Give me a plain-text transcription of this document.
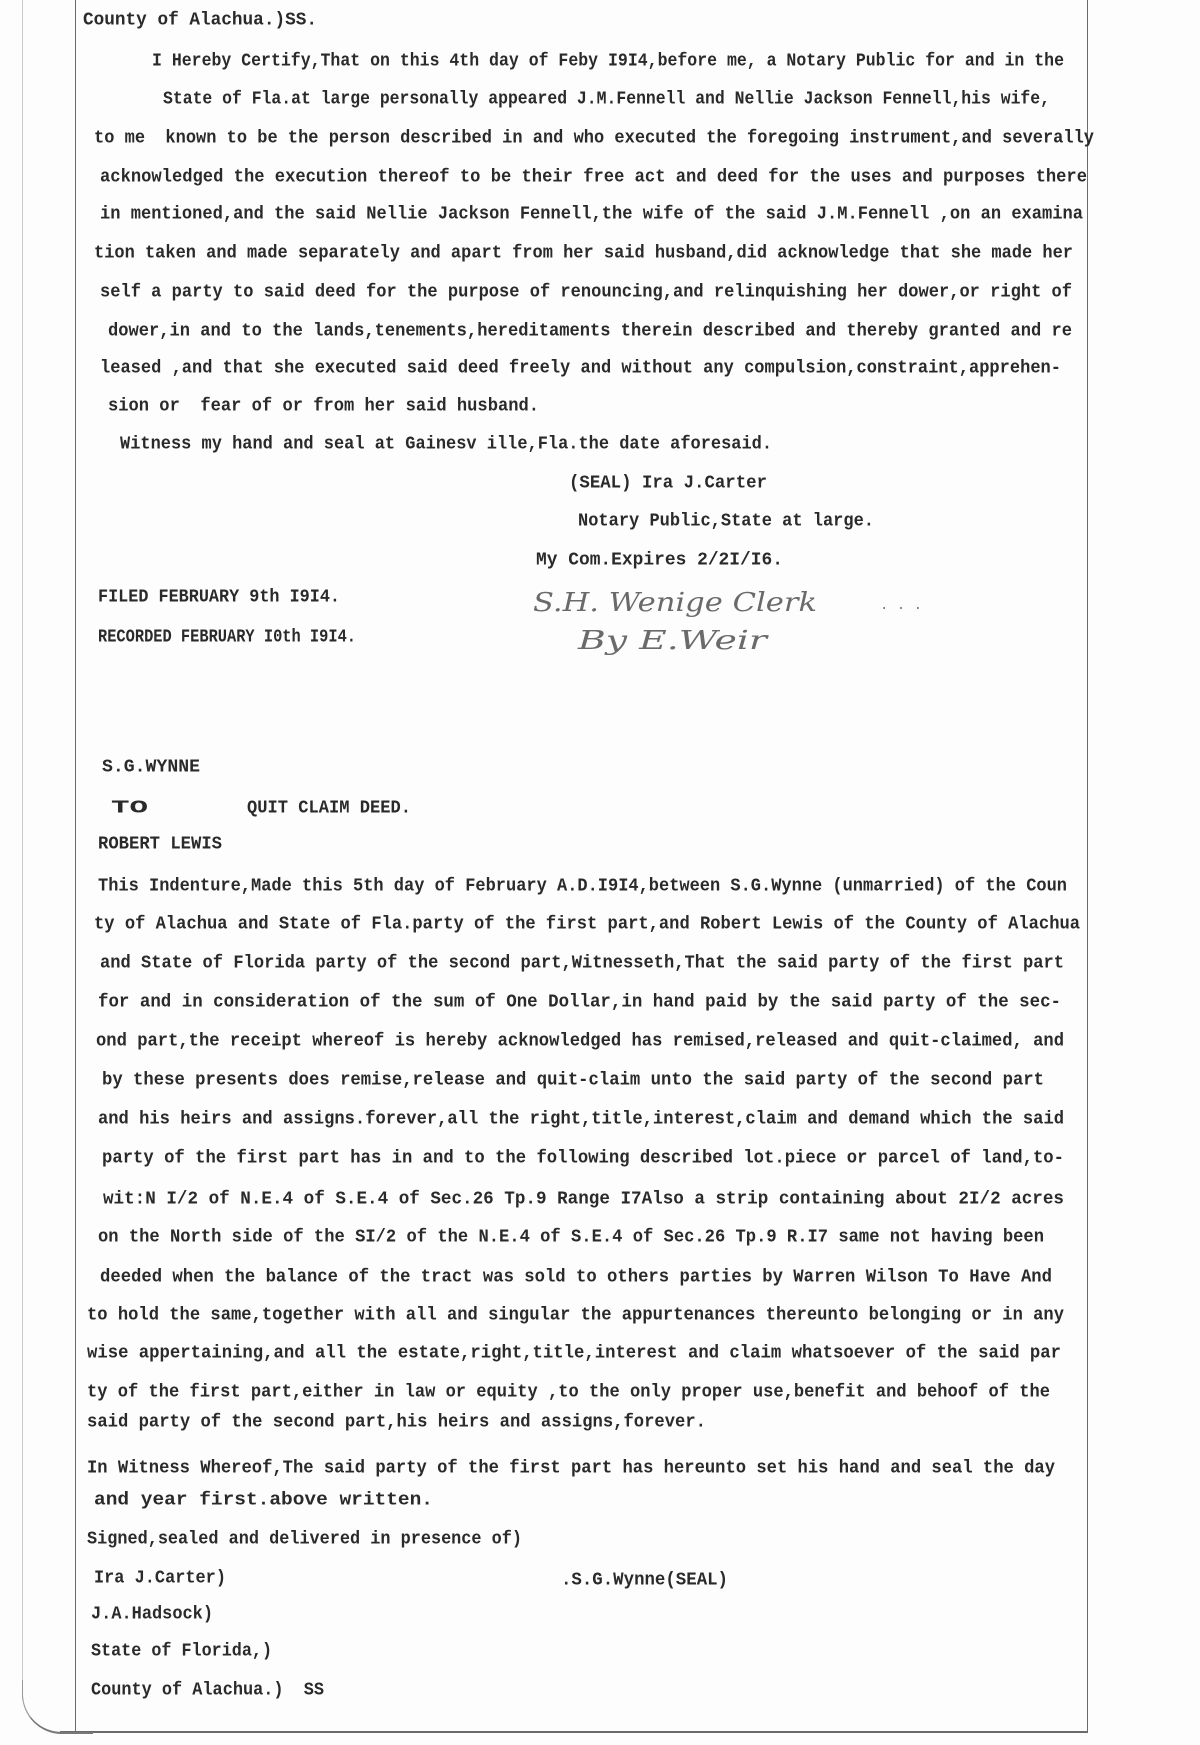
County of Alachua.)SS.
I Hereby Certify,That on this 4th day of Feby I9I4,before me, a Notary Public for and in the
State of Fla.at large personally appeared J.M.Fennell and Nellie Jackson Fennell,his wife,
to me  known to be the person described in and who executed the foregoing instrument,and severally
acknowledged the execution thereof to be their free act and deed for the uses and purposes there
in mentioned,and the said Nellie Jackson Fennell,the wife of the said J.M.Fennell ,on an examina
tion taken and made separately and apart from her said husband,did acknowledge that she made her
self a party to said deed for the purpose of renouncing,and relinquishing her dower,or right of
dower,in and to the lands,tenements,hereditaments therein described and thereby granted and re
leased ,and that she executed said deed freely and without any compulsion,constraint,apprehen-
sion or  fear of or from her said husband.
Witness my hand and seal at Gainesv ille,Fla.the date aforesaid.
(SEAL) Ira J.Carter
Notary Public,State at large.
My Com.Expires 2/2I/I6.
FILED FEBRUARY 9th I9I4.
RECORDED FEBRUARY I0th I9I4.
S.H. Wenige Clerk
By E.Weir
. . .
S.G.WYNNE
TO	QUIT CLAIM DEED.
ROBERT LEWIS
This Indenture,Made this 5th day of February A.D.I9I4,between S.G.Wynne (unmarried) of the Coun
ty of Alachua and State of Fla.party of the first part,and Robert Lewis of the County of Alachua
and State of Florida party of the second part,Witnesseth,That the said party of the first part
for and in consideration of the sum of One Dollar,in hand paid by the said party of the sec-
ond part,the receipt whereof is hereby acknowledged has remised,released and quit-claimed, and
by these presents does remise,release and quit-claim unto the said party of the second part
and his heirs and assigns.forever,all the right,title,interest,claim and demand which the said
party of the first part has in and to the following described lot.piece or parcel of land,to-
wit:N I/2 of N.E.4 of S.E.4 of Sec.26 Tp.9 Range I7Also a strip containing about 2I/2 acres
on the North side of the SI/2 of the N.E.4 of S.E.4 of Sec.26 Tp.9 R.I7 same not having been
deeded when the balance of the tract was sold to others parties by Warren Wilson To Have And
to hold the same,together with all and singular the appurtenances thereunto belonging or in any
wise appertaining,and all the estate,right,title,interest and claim whatsoever of the said par
ty of the first part,either in law or equity ,to the only proper use,benefit and behoof of the
said party of the second part,his heirs and assigns,forever.
In Witness Whereof,The said party of the first part has hereunto set his hand and seal the day
and year first.above written.
Signed,sealed and delivered in presence of)
Ira J.Carter)	.S.G.Wynne(SEAL)
J.A.Hadsock)
State of Florida,)
County of Alachua.)  SS
